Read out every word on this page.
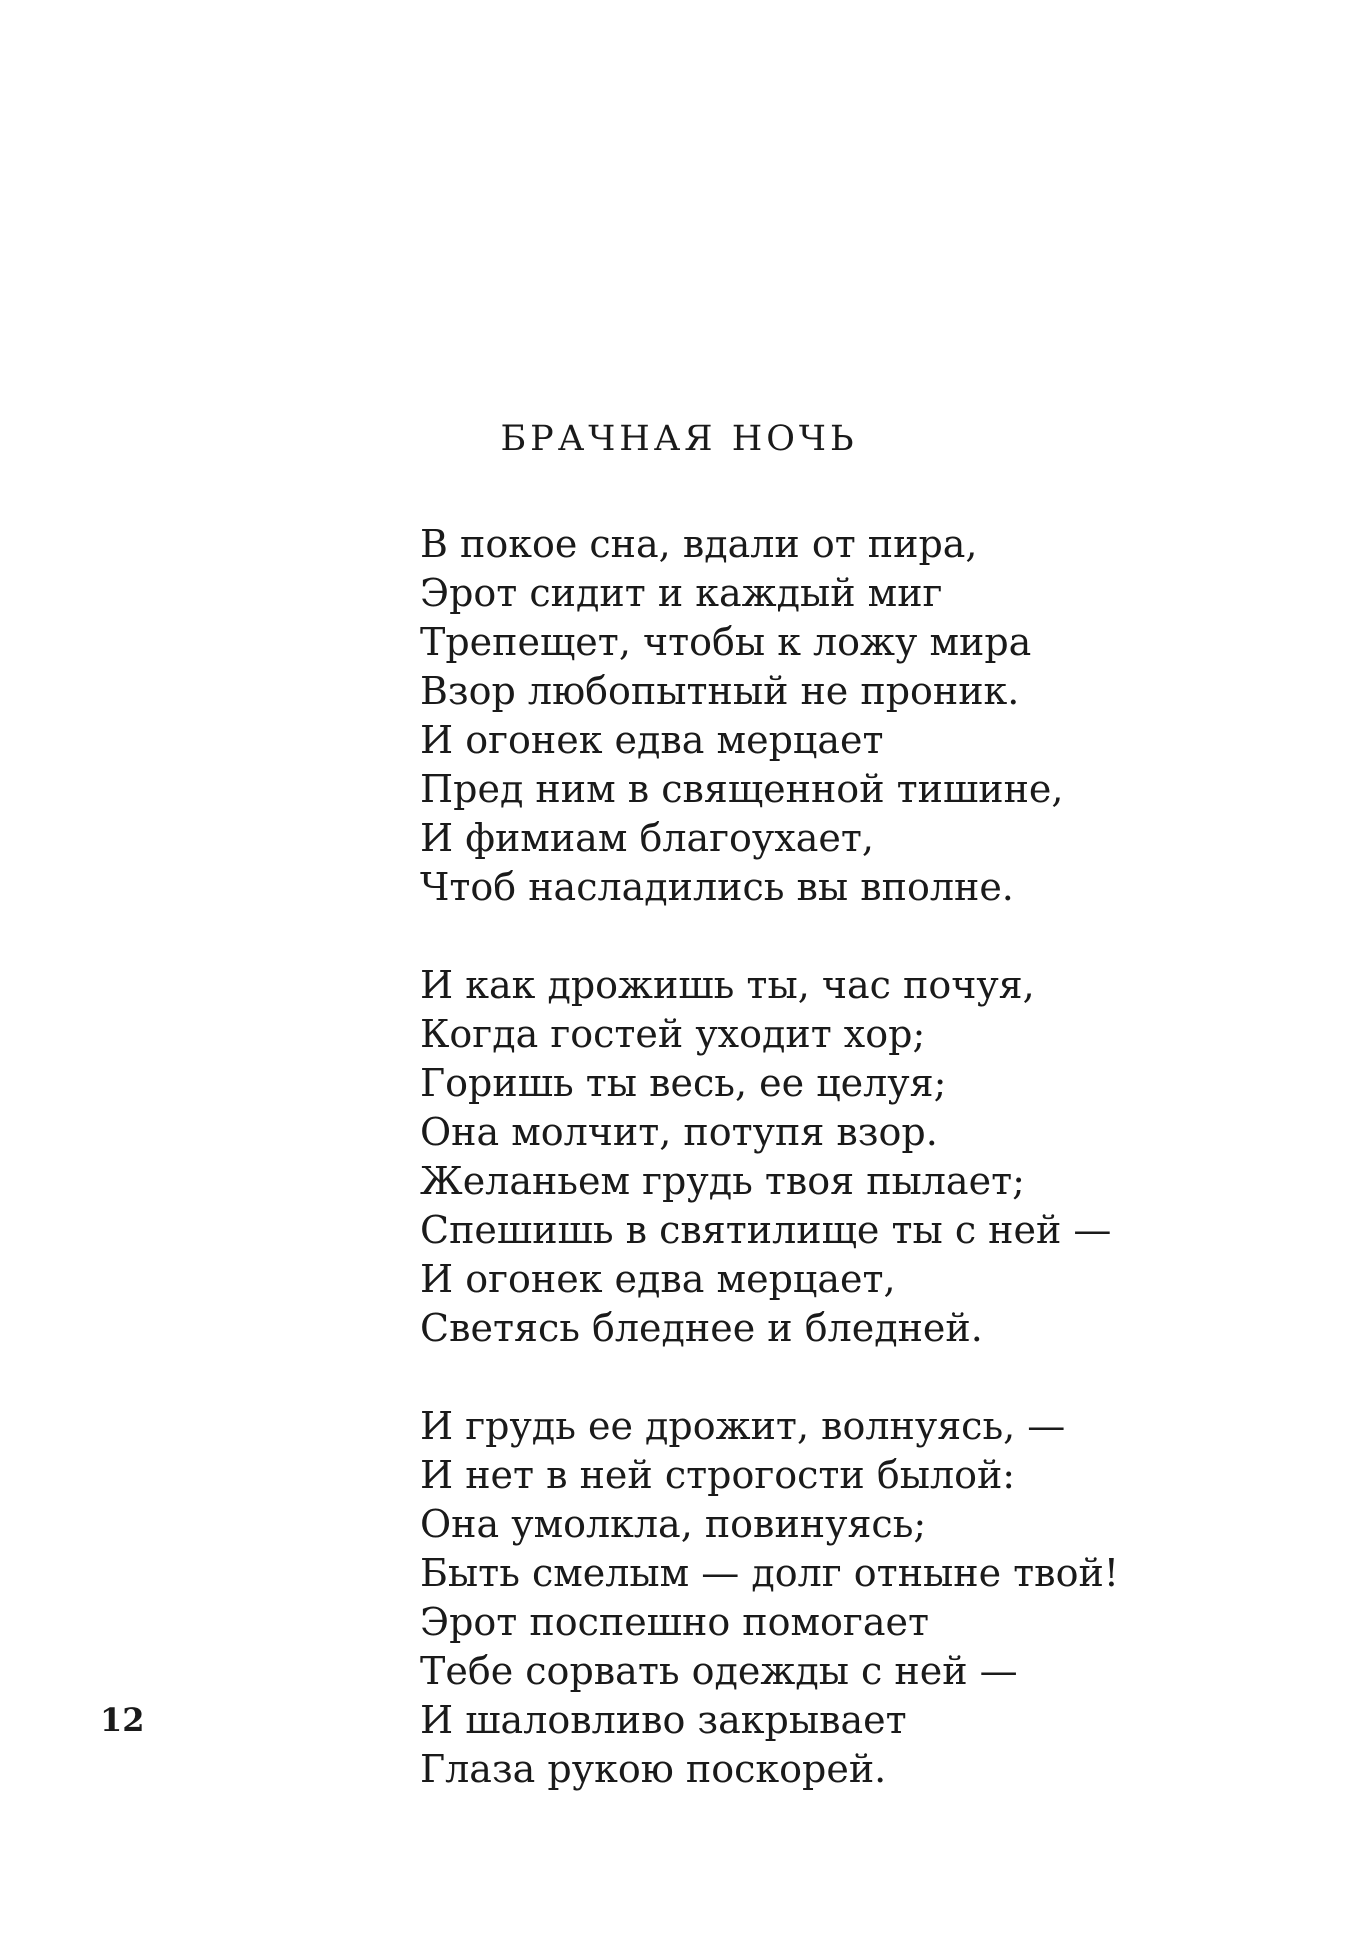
БРАЧНАЯ НОЧЬ
В покое сна, вдали от пира,
Эрот сидит и каждый миг
Трепещет, чтобы к ложу мира
Взор любопытный не проник.
И огонек едва мерцает
Пред ним в священной тишине,
И фимиам благоухает,
Чтоб насладились вы вполне.
И как дрожишь ты, час почуя,
Когда гостей уходит хор;
Горишь ты весь, ее целуя;
Она молчит, потупя взор.
Желаньем грудь твоя пылает;
Спешишь в святилище ты с ней —
И огонек едва мерцает,
Светясь бледнее и бледней.
И грудь ее дрожит, волнуясь, —
И нет в ней строгости былой:
Она умолкла, повинуясь;
Быть смелым — долг отныне твой!
Эрот поспешно помогает
Тебе сорвать одежды с ней —
И шаловливо закрывает
Глаза рукою поскорей.
12
